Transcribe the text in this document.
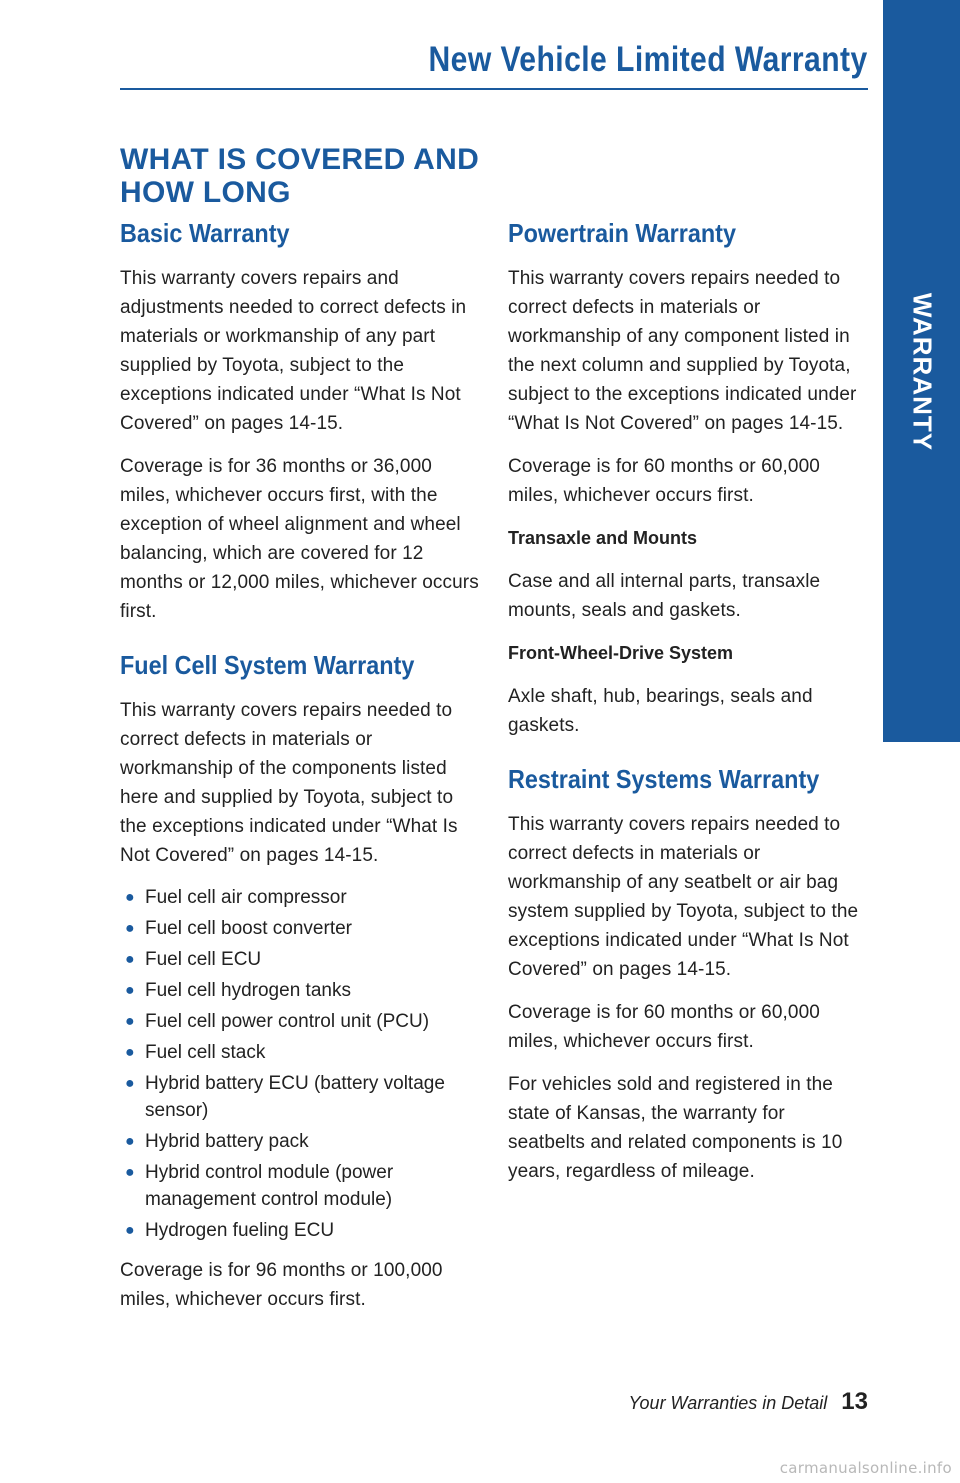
New Vehicle Limited Warranty
WARRANTY
WHAT IS COVERED AND HOW LONG
Basic Warranty

This warranty covers repairs and adjustments needed to correct defects in materials or workmanship of any part supplied by Toyota, subject to the exceptions indicated under “What Is Not Covered” on pages 14-15.

Coverage is for 36 months or 36,000 miles, whichever occurs first, with the exception of wheel alignment and wheel balancing, which are covered for 12 months or 12,000 miles, whichever occurs first.

Fuel Cell System Warranty

This warranty covers repairs needed to correct defects in materials or workmanship of the components listed here and supplied by Toyota, subject to the exceptions indicated under “What Is Not Covered” on pages 14-15.

● Fuel cell air compressor
● Fuel cell boost converter
● Fuel cell ECU
● Fuel cell hydrogen tanks
● Fuel cell power control unit (PCU)
● Fuel cell stack
● Hybrid battery ECU (battery voltage sensor)
● Hybrid battery pack
● Hybrid control module (power management control module)
● Hydrogen fueling ECU

Coverage is for 96 months or 100,000 miles, whichever occurs first.

Powertrain Warranty

This warranty covers repairs needed to correct defects in materials or workmanship of any component listed in the next column and supplied by Toyota, subject to the exceptions indicated under “What Is Not Covered” on pages 14-15.

Coverage is for 60 months or 60,000 miles, whichever occurs first.

Transaxle and Mounts

Case and all internal parts, transaxle mounts, seals and gaskets.

Front-Wheel-Drive System

Axle shaft, hub, bearings, seals and gaskets.

Restraint Systems Warranty

This warranty covers repairs needed to correct defects in materials or workmanship of any seatbelt or air bag system supplied by Toyota, subject to the exceptions indicated under “What Is Not Covered” on pages 14-15.

Coverage is for 60 months or 60,000 miles, whichever occurs first.

For vehicles sold and registered in the state of Kansas, the warranty for seatbelts and related components is 10 years, regardless of mileage.

Your Warranties in Detail 13
carmanualsonline.info
